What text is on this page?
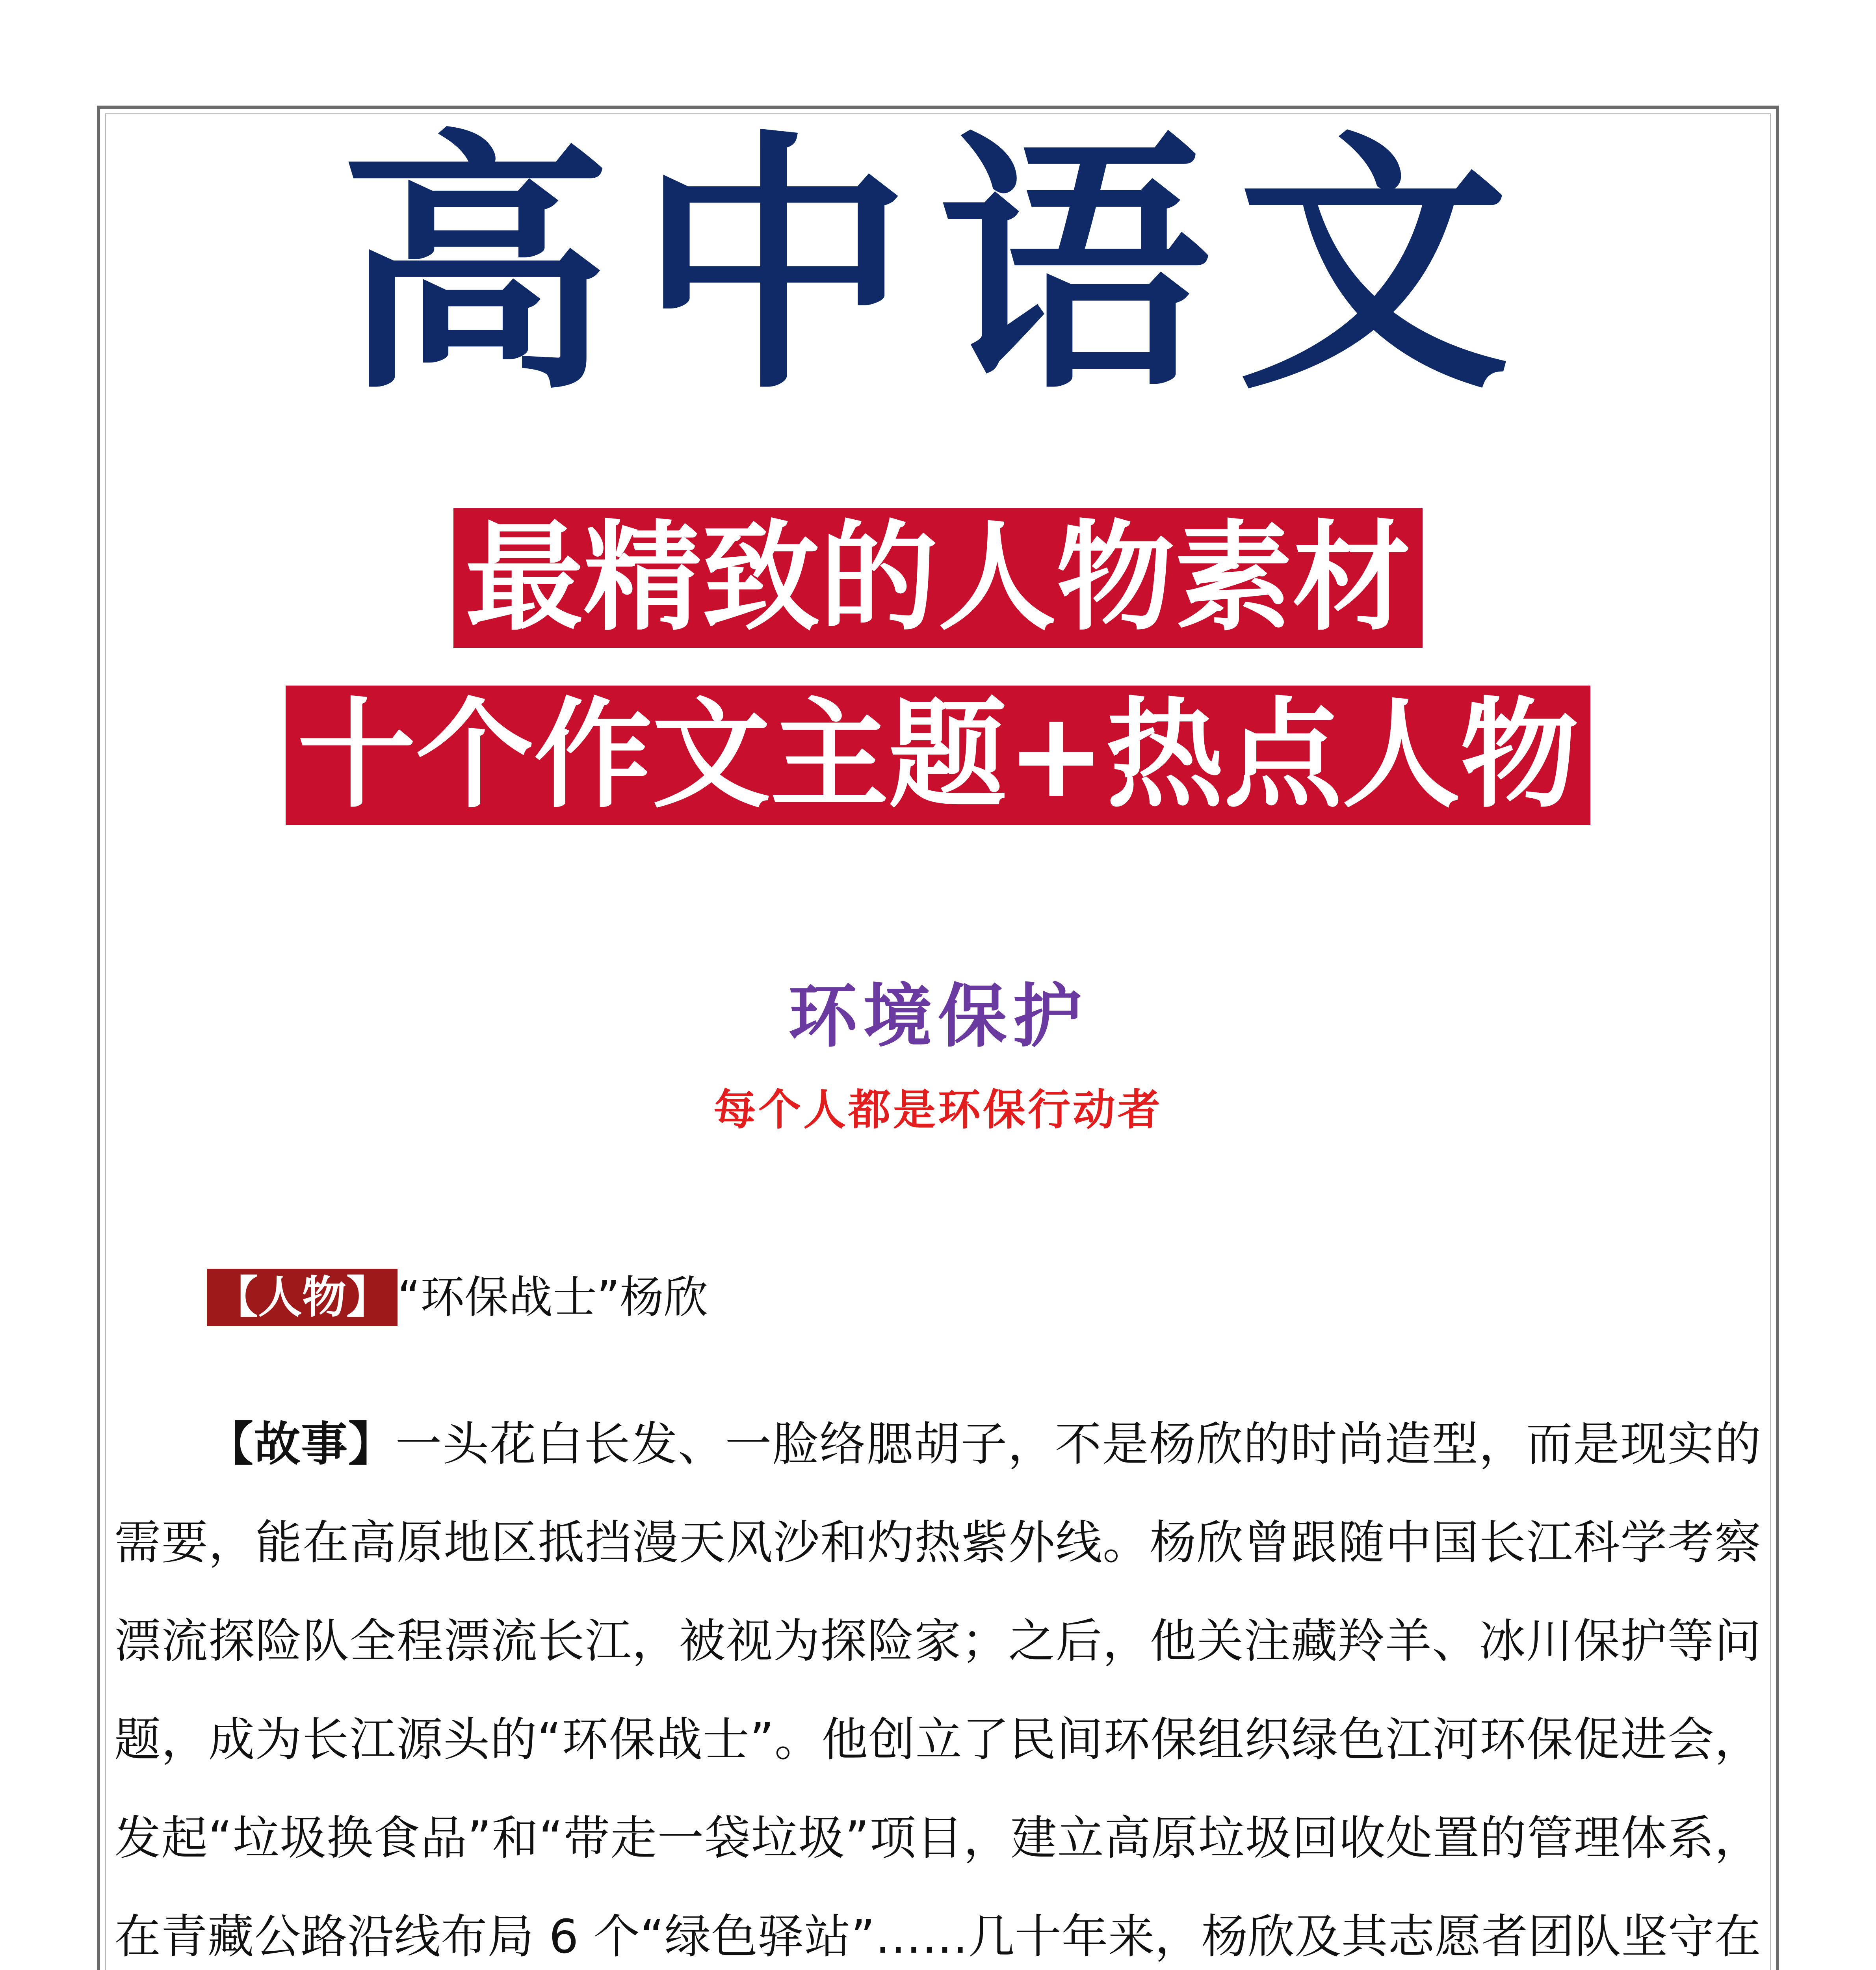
高中语文
最精致的人物素材
十个作文主题+热点人物
环境保护
每个人都是环保行动者
【人物】 “环保战士”杨欣

【故事】一头花白长发、一脸络腮胡子，不是杨欣的时尚造型，而是现实的需要，能在高原地区抵挡漫天风沙和灼热紫外线。杨欣曾跟随中国长江科学考察漂流探险队全程漂流长江，被视为探险家；之后，他关注藏羚羊、冰川保护等问题，成为长江源头的“环保战士”。他创立了民间环保组织绿色江河环保促进会，发起“垃圾换食品”和“带走一袋垃圾”项目，建立高原垃圾回收处置的管理体系，在青藏公路沿线布局 6 个“绿色驿站”……几十年来，杨欣及其志愿者团队坚守在
